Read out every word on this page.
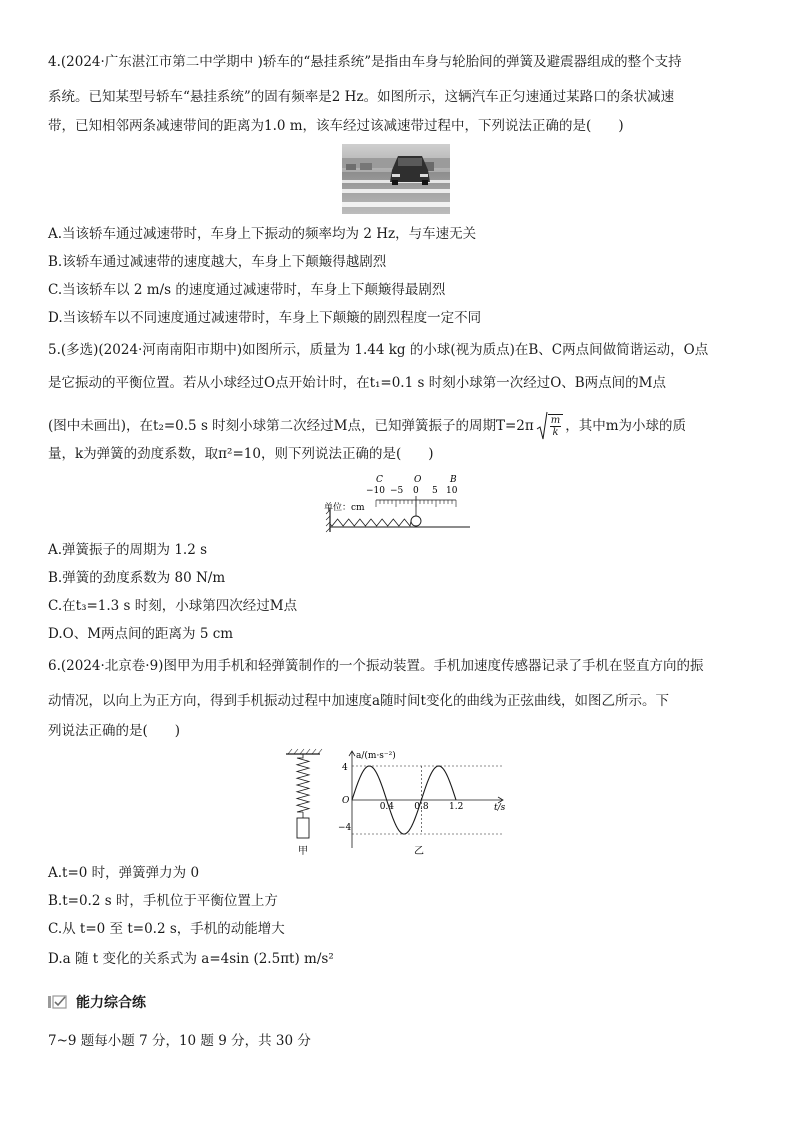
4.(2024·广东湛江市第二中学期中 )轿车的“悬挂系统”是指由车身与轮胎间的弹簧及避震器组成的整个支持
系统。已知某型号轿车“悬挂系统”的固有频率是2 Hz。如图所示，这辆汽车正匀速通过某路口的条状减速
带，已知相邻两条减速带间的距离为1.0 m，该车经过该减速带过程中，下列说法正确的是(　　)
A.当该轿车通过减速带时，车身上下振动的频率均为 2 Hz，与车速无关
B.该轿车通过减速带的速度越大，车身上下颠簸得越剧烈
C.当该轿车以 2 m/s 的速度通过减速带时，车身上下颠簸得最剧烈
D.当该轿车以不同速度通过减速带时，车身上下颠簸的剧烈程度一定不同
5.(多选)(2024·河南南阳市期中)如图所示，质量为 1.44 kg 的小球(视为质点)在B、C两点间做简谐运动，O点
是它振动的平衡位置。若从小球经过O点开始计时，在t₁=0.1 s 时刻小球第一次经过O、B两点间的M点
(图中未画出)，在t₂=0.5 s 时刻小球第二次经过M点，已知弹簧振子的周期$T=2\pi \frac{m}{k}$ ，其中m为小球的质
量，k为弹簧的劲度系数，取π²=10，则下列说法正确的是(　　)
C	O	B
−10 −5 0 5 10
单位：cm
A.弹簧振子的周期为 1.2 s
B.弹簧的劲度系数为 80 N/m
C.在t₃=1.3 s 时刻，小球第四次经过M点
D.O、M两点间的距离为 5 cm
6.(2024·北京卷·9)图甲为用手机和轻弹簧制作的一个振动装置。手机加速度传感器记录了手机在竖直方向的振
动情况，以向上为正方向，得到手机振动过程中加速度a随时间t变化的曲线为正弦曲线，如图乙所示。下
列说法正确的是(　　)
甲
a/(m·s⁻²)
t/s
4
O
−4
0.4 0.8 1.2
乙
A.t=0 时，弹簧弹力为 0
B.t=0.2 s 时，手机位于平衡位置上方
C.从 t=0 至 t=0.2 s，手机的动能增大
D.a 随 t 变化的关系式为 a=4sin (2.5πt) m/s²
能力综合练
7~9 题每小题 7 分，10 题 9 分，共 30 分
